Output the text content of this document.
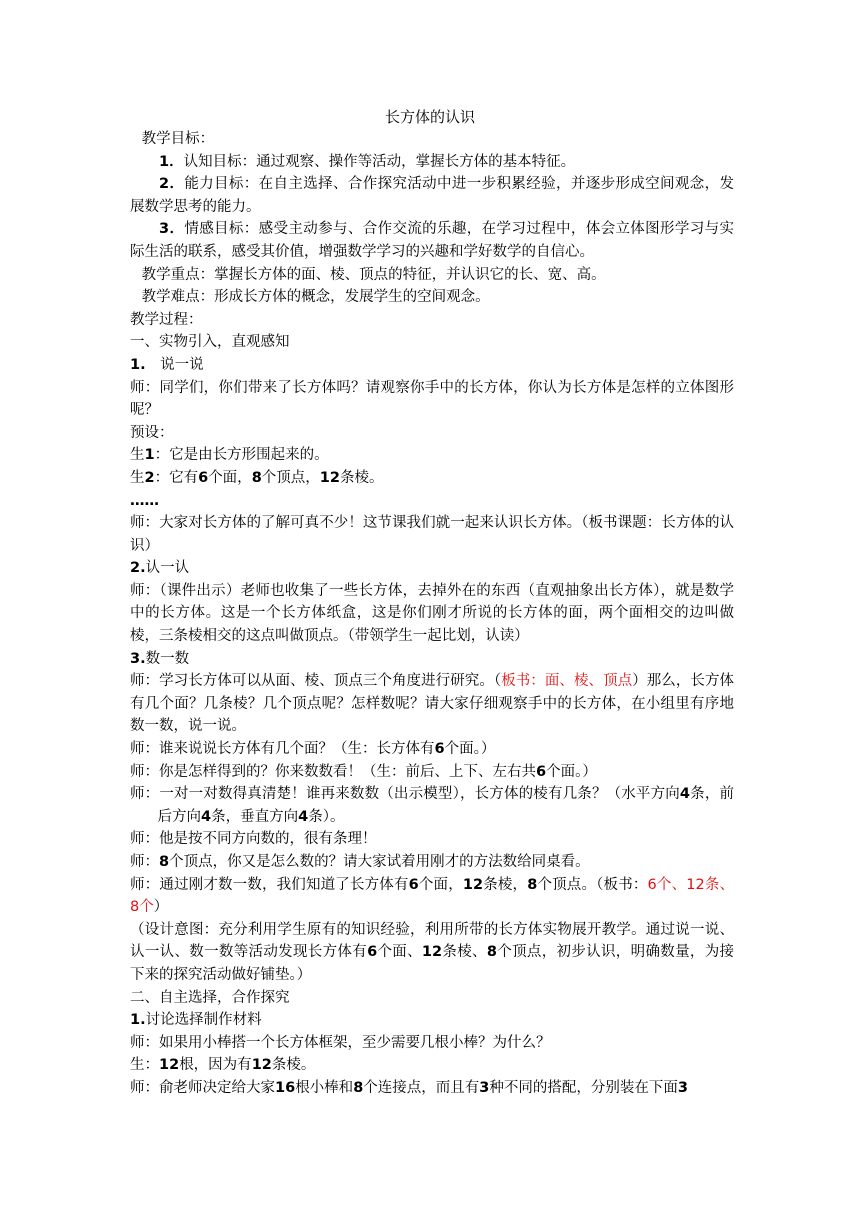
长方体的认识

教学目标：

1．认知目标：通过观察、操作等活动，掌握长方体的基本特征。

2．能力目标：在自主选择、合作探究活动中进一步积累经验，并逐步形成空间观念，发展数学思考的能力。

3．情感目标：感受主动参与、合作交流的乐趣，在学习过程中，体会立体图形学习与实际生活的联系，感受其价值，增强数学学习的兴趣和学好数学的自信心。

教学重点：掌握长方体的面、棱、顶点的特征，并认识它的长、宽、高。

教学难点：形成长方体的概念，发展学生的空间观念。

教学过程：

一、实物引入，直观感知

1.  说一说

师：同学们，你们带来了长方体吗？请观察你手中的长方体，你认为长方体是怎样的立体图形呢？

预设：

生1：它是由长方形围起来的。

生2：它有6个面，8个顶点，12条棱。

……

师：大家对长方体的了解可真不少！这节课我们就一起来认识长方体。（板书课题：长方体的认识）

2.认一认

师：（课件出示）老师也收集了一些长方体，去掉外在的东西（直观抽象出长方体），就是数学中的长方体。这是一个长方体纸盒，这是你们刚才所说的长方体的面，两个面相交的边叫做棱，三条棱相交的这点叫做顶点。（带领学生一起比划，认读）

3.数一数

师：学习长方体可以从面、棱、顶点三个角度进行研究。（板书：面、棱、顶点）那么，长方体有几个面？几条棱？几个顶点呢？怎样数呢？请大家仔细观察手中的长方体，在小组里有序地数一数，说一说。

师：谁来说说长方体有几个面？（生：长方体有6个面。）

师：你是怎样得到的？你来数数看！（生：前后、上下、左右共6个面。）

师：一对一对数得真清楚！谁再来数数（出示模型），长方体的棱有几条？（水平方向4条，前后方向4条，垂直方向4条）。

师：他是按不同方向数的，很有条理！

师：8个顶点，你又是怎么数的？请大家试着用刚才的方法数给同桌看。

师：通过刚才数一数，我们知道了长方体有6个面，12条棱，8个顶点。（板书：6个、12条、8个）

（设计意图：充分利用学生原有的知识经验，利用所带的长方体实物展开教学。通过说一说、认一认、数一数等活动发现长方体有6个面、12条棱、8个顶点，初步认识，明确数量，为接下来的探究活动做好铺垫。）

二、自主选择，合作探究

1.讨论选择制作材料

师：如果用小棒搭一个长方体框架，至少需要几根小棒？为什么？

生：12根，因为有12条棱。

师：俞老师决定给大家16根小棒和8个连接点，而且有3种不同的搭配，分别装在下面3
